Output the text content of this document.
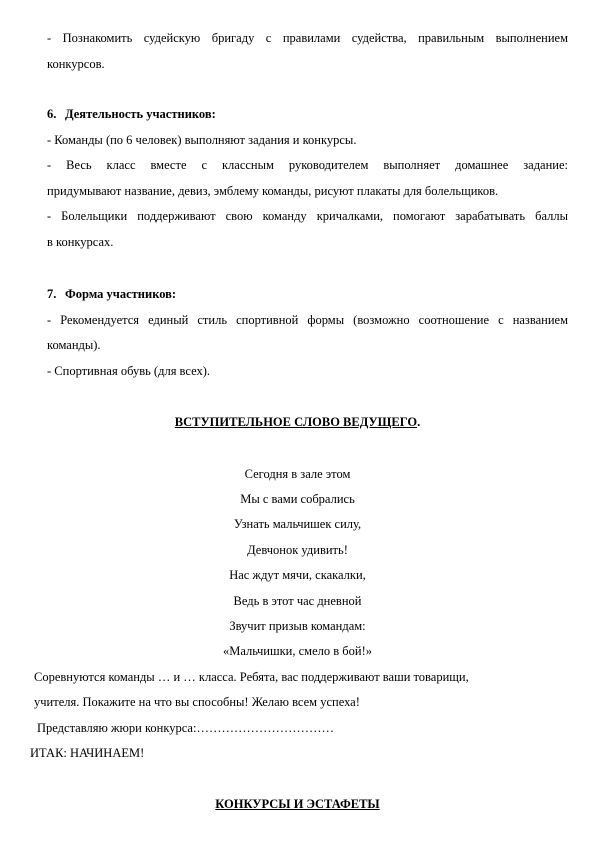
- Познакомить судейскую бригаду с правилами судейства, правильным выполнением
конкурсов.
6. Деятельность участников:
- Команды (по 6 человек) выполняют задания и конкурсы.
- Весь класс вместе с классным руководителем выполняет домашнее задание:
придумывают название, девиз, эмблему команды, рисуют плакаты для болельщиков.
- Болельщики поддерживают свою команду кричалками, помогают зарабатывать баллы
в конкурсах.
7. Форма участников:
- Рекомендуется единый стиль спортивной формы (возможно соотношение с названием
команды).
- Спортивная обувь (для всех).
ВСТУПИТЕЛЬНОЕ СЛОВО ВЕДУЩЕГО.
Сегодня в зале этом
Мы с вами собрались
Узнать мальчишек силу,
Девчонок удивить!
Нас ждут мячи, скакалки,
Ведь в этот час дневной
Звучит призыв командам:
«Мальчишки, смело в бой!»
Соревнуются команды … и … класса. Ребята, вас поддерживают ваши товарищи,
учителя. Покажите на что вы способны! Желаю всем успеха!
Представляю жюри конкурса:……………………………
ИТАК: НАЧИНАЕМ!
КОНКУРСЫ И ЭСТАФЕТЫ
